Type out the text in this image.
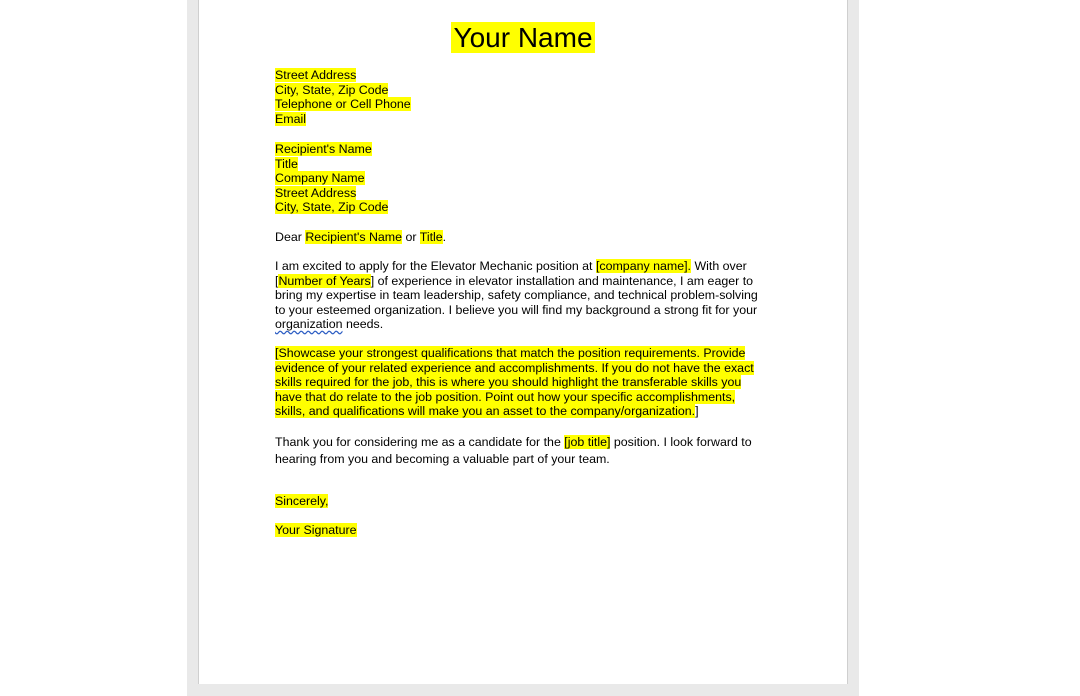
Your Name
Street Address
City, State, Zip Code
Telephone or Cell Phone
Email
Recipient's Name
Title
Company Name
Street Address
City, State, Zip Code
Dear Recipient's Name or Title.
I am excited to apply for the Elevator Mechanic position at [company name]. With over
[Number of Years] of experience in elevator installation and maintenance, I am eager to
bring my expertise in team leadership, safety compliance, and technical problem-solving
to your esteemed organization. I believe you will find my background a strong fit for your
organization needs.
[Showcase your strongest qualifications that match the position requirements. Provide
evidence of your related experience and accomplishments. If you do not have the exact
skills required for the job, this is where you should highlight the transferable skills you
have that do relate to the job position. Point out how your specific accomplishments,
skills, and qualifications will make you an asset to the company/organization.]
Thank you for considering me as a candidate for the [job title] position. I look forward to
hearing from you and becoming a valuable part of your team.
Sincerely,
Your Signature
